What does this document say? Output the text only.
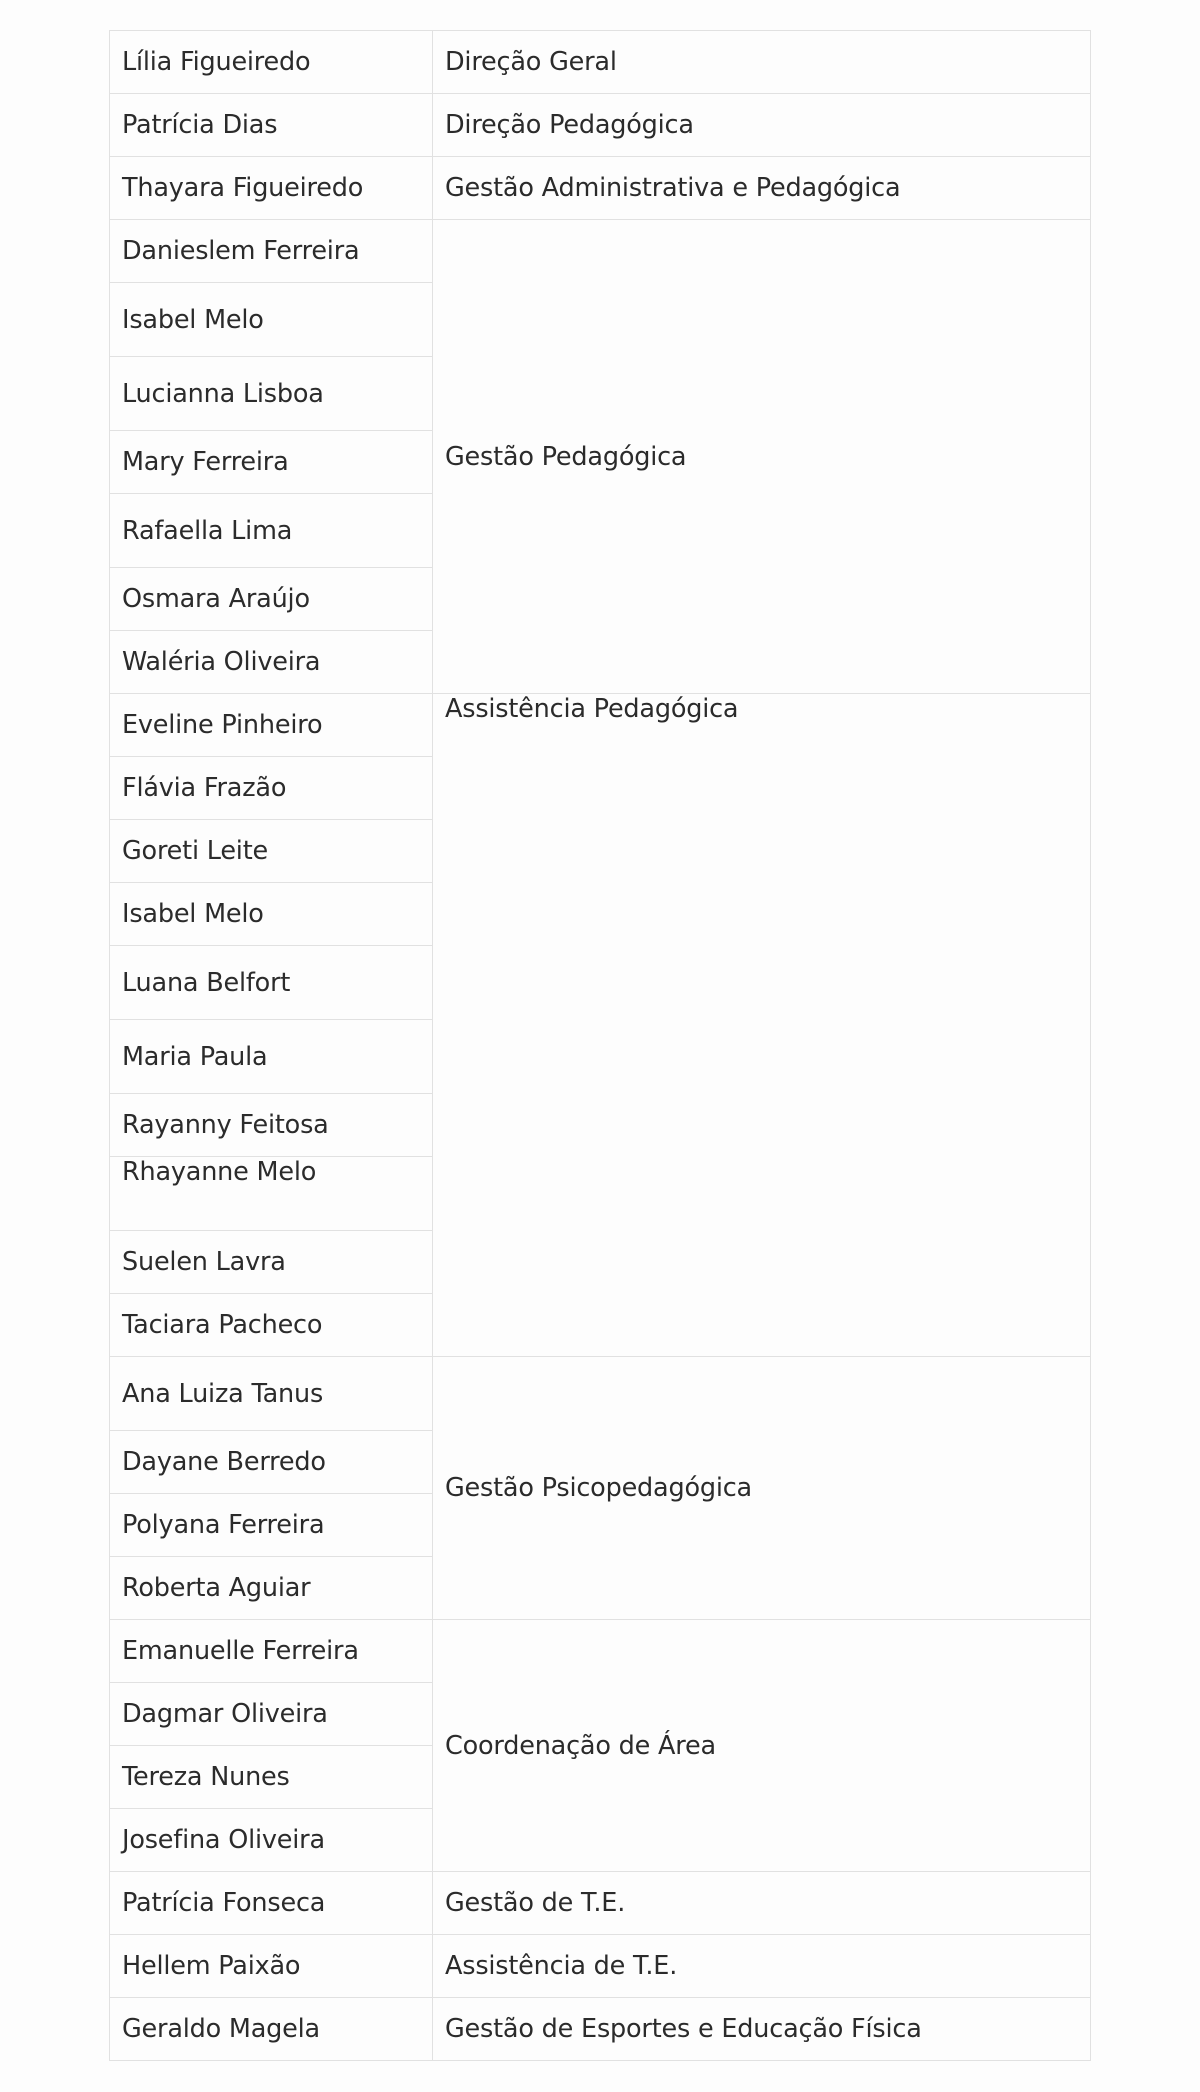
Lília Figueiredo	Direção Geral
Patrícia Dias	Direção Pedagógica
Thayara Figueiredo	Gestão Administrativa e Pedagógica
Danieslem Ferreira	Gestão Pedagógica
Isabel Melo	
Lucianna Lisboa	
Mary Ferreira	
Rafaella Lima	
Osmara Araújo	
Waléria Oliveira	
Eveline Pinheiro	Assistência Pedagógica
Flávia Frazão	
Goreti Leite	
Isabel Melo	
Luana Belfort	
Maria Paula	
Rayanny Feitosa	
Rhayanne Melo	
Suelen Lavra	
Taciara Pacheco	
Ana Luiza Tanus	Gestão Psicopedagógica
Dayane Berredo	
Polyana Ferreira	
Roberta Aguiar	
Emanuelle Ferreira	Coordenação de Área
Dagmar Oliveira	
Tereza Nunes	
Josefina Oliveira	
Patrícia Fonseca	Gestão de T.E.
Hellem Paixão	Assistência de T.E.
Geraldo Magela	Gestão de Esportes e Educação Física
